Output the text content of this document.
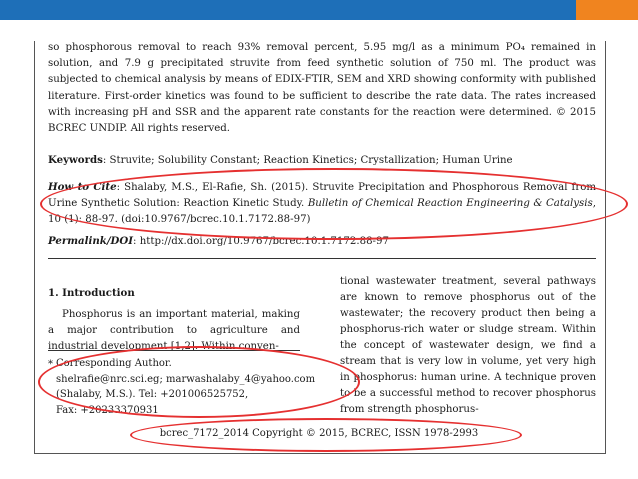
so phosphorous removal to reach 93% removal percent, 5.95 mg/l as a minimum PO₄ remained in solution, and 7.9 g precipitated struvite from feed synthetic solution of 750 ml. The product was subjected to chemical analysis by means of EDIX-FTIR, SEM and XRD showing conformity with published literature. First-order kinetics was found to be sufficient to describe the rate data. The rates increased with increasing pH and SSR and the apparent rate constants for the reaction were determined. © 2015 BCREC UNDIP. All rights reserved.
Keywords: Struvite; Solubility Constant; Reaction Kinetics; Crystallization; Human Urine
How to Cite: Shalaby, M.S., El-Rafie, Sh. (2015). Struvite Precipitation and Phosphorous Removal from Urine Synthetic Solution: Reaction Kinetic Study. Bulletin of Chemical Reaction Engineering & Catalysis, 10 (1): 88-97. (doi:10.9767/bcrec.10.1.7172.88-97)
Permalink/DOI: http://dx.doi.org/10.9767/bcrec.10.1.7172.88-97
1. Introduction
Phosphorus is an important material, making a major contribution to agriculture and industrial development [1,2]. Within conven-
tional wastewater treatment, several pathways are known to remove phosphorus out of the wastewater; the recovery product then being a phosphorus-rich water or sludge stream. Within the concept of wastewater design, we find a stream that is very low in volume, yet very high in phosphorus: human urine. A technique proven to be a successful method to recover phosphorus from strength phosphorus-
* Corresponding Author.
shelrafie@nrc.sci.eg; marwashalaby_4@yahoo.com
(Shalaby, M.S.). Tel: +201006525752,
Fax: +20233370931
bcrec_7172_2014 Copyright © 2015, BCREC, ISSN 1978-2993
